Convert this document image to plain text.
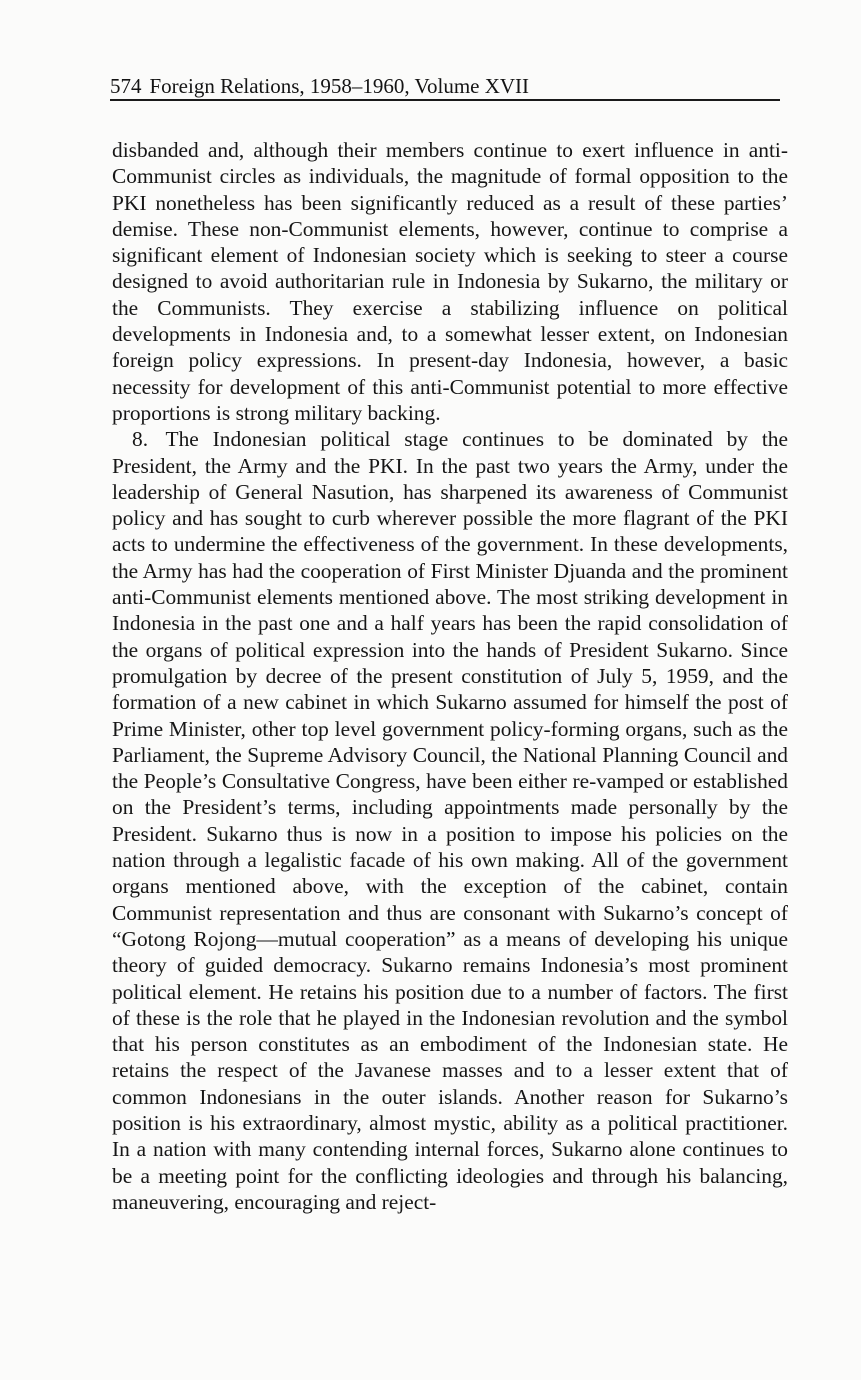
574 Foreign Relations, 1958–1960, Volume XVII

disbanded and, although their members continue to exert influence in anti-Communist circles as individuals, the magnitude of formal opposition to the PKI nonetheless has been significantly reduced as a result of these parties’ demise. These non-Communist elements, however, continue to comprise a significant element of Indonesian society which is seeking to steer a course designed to avoid authoritarian rule in Indonesia by Sukarno, the military or the Communists. They exercise a stabilizing influence on political developments in Indonesia and, to a somewhat lesser extent, on Indonesian foreign policy expressions. In present-day Indonesia, however, a basic necessity for development of this anti-Communist potential to more effective proportions is strong military backing.

8. The Indonesian political stage continues to be dominated by the President, the Army and the PKI. In the past two years the Army, under the leadership of General Nasution, has sharpened its awareness of Communist policy and has sought to curb wherever possible the more flagrant of the PKI acts to undermine the effectiveness of the government. In these developments, the Army has had the cooperation of First Minister Djuanda and the prominent anti-Communist elements mentioned above. The most striking development in Indonesia in the past one and a half years has been the rapid consolidation of the organs of political expression into the hands of President Sukarno. Since promulgation by decree of the present constitution of July 5, 1959, and the formation of a new cabinet in which Sukarno assumed for himself the post of Prime Minister, other top level government policy-forming organs, such as the Parliament, the Supreme Advisory Council, the National Planning Council and the People’s Consultative Congress, have been either re-vamped or established on the President’s terms, including appointments made personally by the President. Sukarno thus is now in a position to impose his policies on the nation through a legalistic facade of his own making. All of the government organs mentioned above, with the exception of the cabinet, contain Communist representation and thus are consonant with Sukarno’s concept of “Gotong Rojong—mutual cooperation” as a means of developing his unique theory of guided democracy. Sukarno remains Indonesia’s most prominent political element. He retains his position due to a number of factors. The first of these is the role that he played in the Indonesian revolution and the symbol that his person constitutes as an embodiment of the Indonesian state. He retains the respect of the Javanese masses and to a lesser extent that of common Indonesians in the outer islands. Another reason for Sukarno’s position is his extraordinary, almost mystic, ability as a political practitioner. In a nation with many contending internal forces, Sukarno alone continues to be a meeting point for the conflicting ideologies and through his balancing, maneuvering, encouraging and reject-
